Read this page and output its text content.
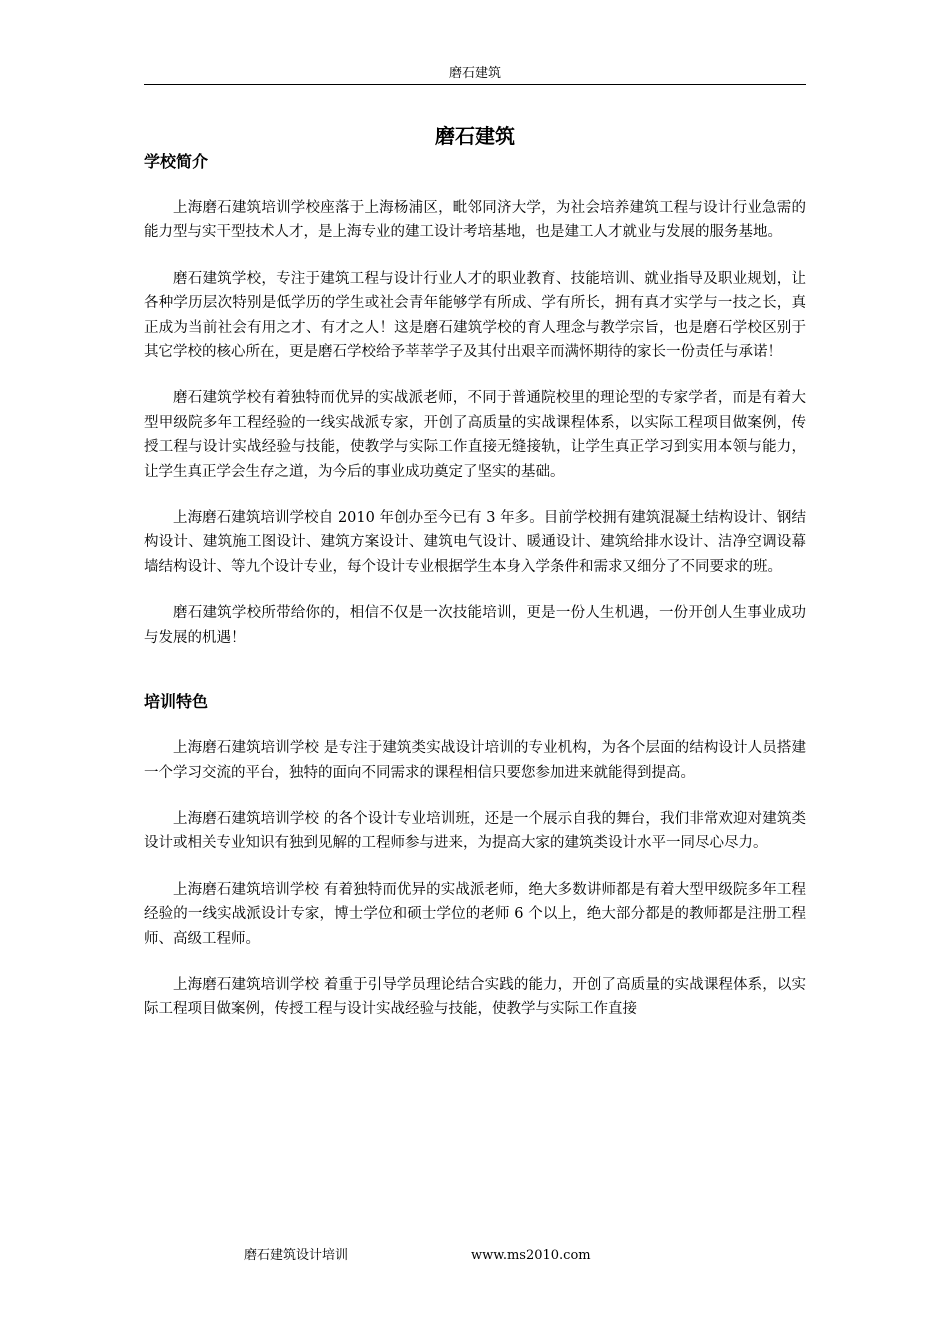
磨石建筑
磨石建筑
学校简介

上海磨石建筑培训学校座落于上海杨浦区，毗邻同济大学，为社会培养建筑工程与设计行业急需的能力型与实干型技术人才，是上海专业的建工设计考培基地，也是建工人才就业与发展的服务基地。

磨石建筑学校，专注于建筑工程与设计行业人才的职业教育、技能培训、就业指导及职业规划，让各种学历层次特别是低学历的学生或社会青年能够学有所成、学有所长，拥有真才实学与一技之长，真正成为当前社会有用之才、有才之人！这是磨石建筑学校的育人理念与教学宗旨，也是磨石学校区别于其它学校的核心所在，更是磨石学校给予莘莘学子及其付出艰辛而满怀期待的家长一份责任与承诺！

磨石建筑学校有着独特而优异的实战派老师，不同于普通院校里的理论型的专家学者，而是有着大型甲级院多年工程经验的一线实战派专家，开创了高质量的实战课程体系，以实际工程项目做案例，传授工程与设计实战经验与技能，使教学与实际工作直接无缝接轨，让学生真正学习到实用本领与能力，让学生真正学会生存之道，为今后的事业成功奠定了坚实的基础。

上海磨石建筑培训学校自 2010 年创办至今已有 3 年多。目前学校拥有建筑混凝土结构设计、钢结构设计、建筑施工图设计、建筑方案设计、建筑电气设计、暖通设计、建筑给排水设计、洁净空调设幕墙结构设计、等九个设计专业，每个设计专业根据学生本身入学条件和需求又细分了不同要求的班。

磨石建筑学校所带给你的，相信不仅是一次技能培训，更是一份人生机遇，一份开创人生事业成功与发展的机遇！

培训特色

上海磨石建筑培训学校 是专注于建筑类实战设计培训的专业机构，为各个层面的结构设计人员搭建一个学习交流的平台，独特的面向不同需求的课程相信只要您参加进来就能得到提高。

上海磨石建筑培训学校 的各个设计专业培训班，还是一个展示自我的舞台，我们非常欢迎对建筑类设计或相关专业知识有独到见解的工程师参与进来，为提高大家的建筑类设计水平一同尽心尽力。

上海磨石建筑培训学校 有着独特而优异的实战派老师，绝大多数讲师都是有着大型甲级院多年工程经验的一线实战派设计专家，博士学位和硕士学位的老师 6 个以上，绝大部分都是的教师都是注册工程师、高级工程师。

上海磨石建筑培训学校 着重于引导学员理论结合实践的能力，开创了高质量的实战课程体系，以实际工程项目做案例，传授工程与设计实战经验与技能，使教学与实际工作直接

磨石建筑设计培训	www.ms2010.com
